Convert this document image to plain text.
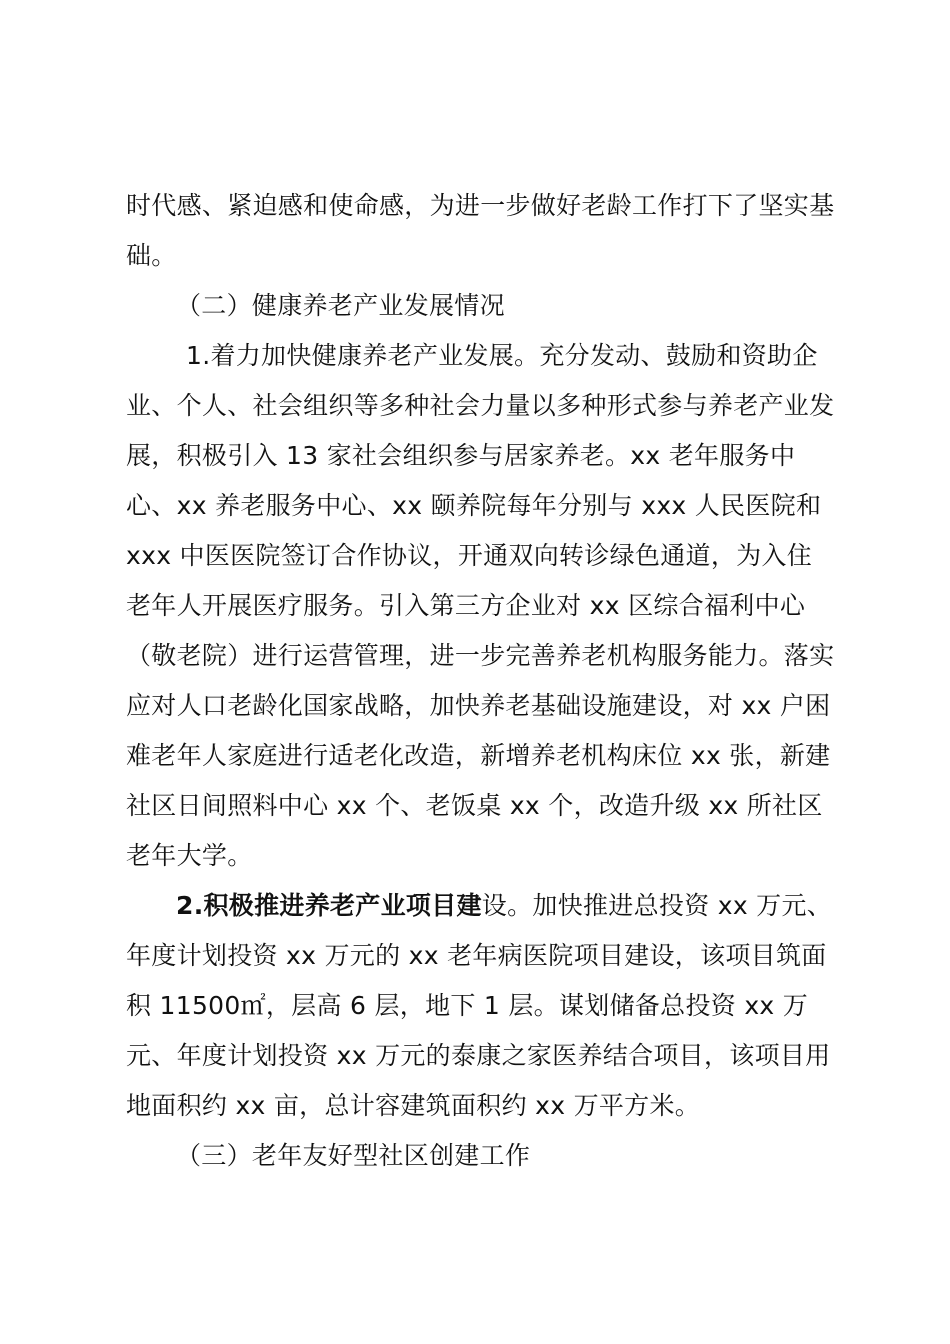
时代感、紧迫感和使命感，为进一步做好老龄工作打下了坚实基础。

（二）健康养老产业发展情况

1.着力加快健康养老产业发展。充分发动、鼓励和资助企业、个人、社会组织等多种社会力量以多种形式参与养老产业发展，积极引入 13 家社会组织参与居家养老。xx 老年服务中心、xx 养老服务中心、xx 颐养院每年分别与 xxx 人民医院和 xxx 中医医院签订合作协议，开通双向转诊绿色通道，为入住老年人开展医疗服务。引入第三方企业对 xx 区综合福利中心（敬老院）进行运营管理，进一步完善养老机构服务能力。落实应对人口老龄化国家战略，加快养老基础设施建设，对 xx 户困难老年人家庭进行适老化改造，新增养老机构床位 xx 张，新建社区日间照料中心 xx 个、老饭桌 xx 个，改造升级 xx 所社区老年大学。

2.积极推进养老产业项目建设。加快推进总投资 xx 万元、年度计划投资 xx 万元的 xx 老年病医院项目建设，该项目筑面积 11500㎡，层高 6 层，地下 1 层。谋划储备总投资 xx 万元、年度计划投资 xx 万元的泰康之家医养结合项目，该项目用地面积约 xx 亩，总计容建筑面积约 xx 万平方米。

（三）老年友好型社区创建工作
